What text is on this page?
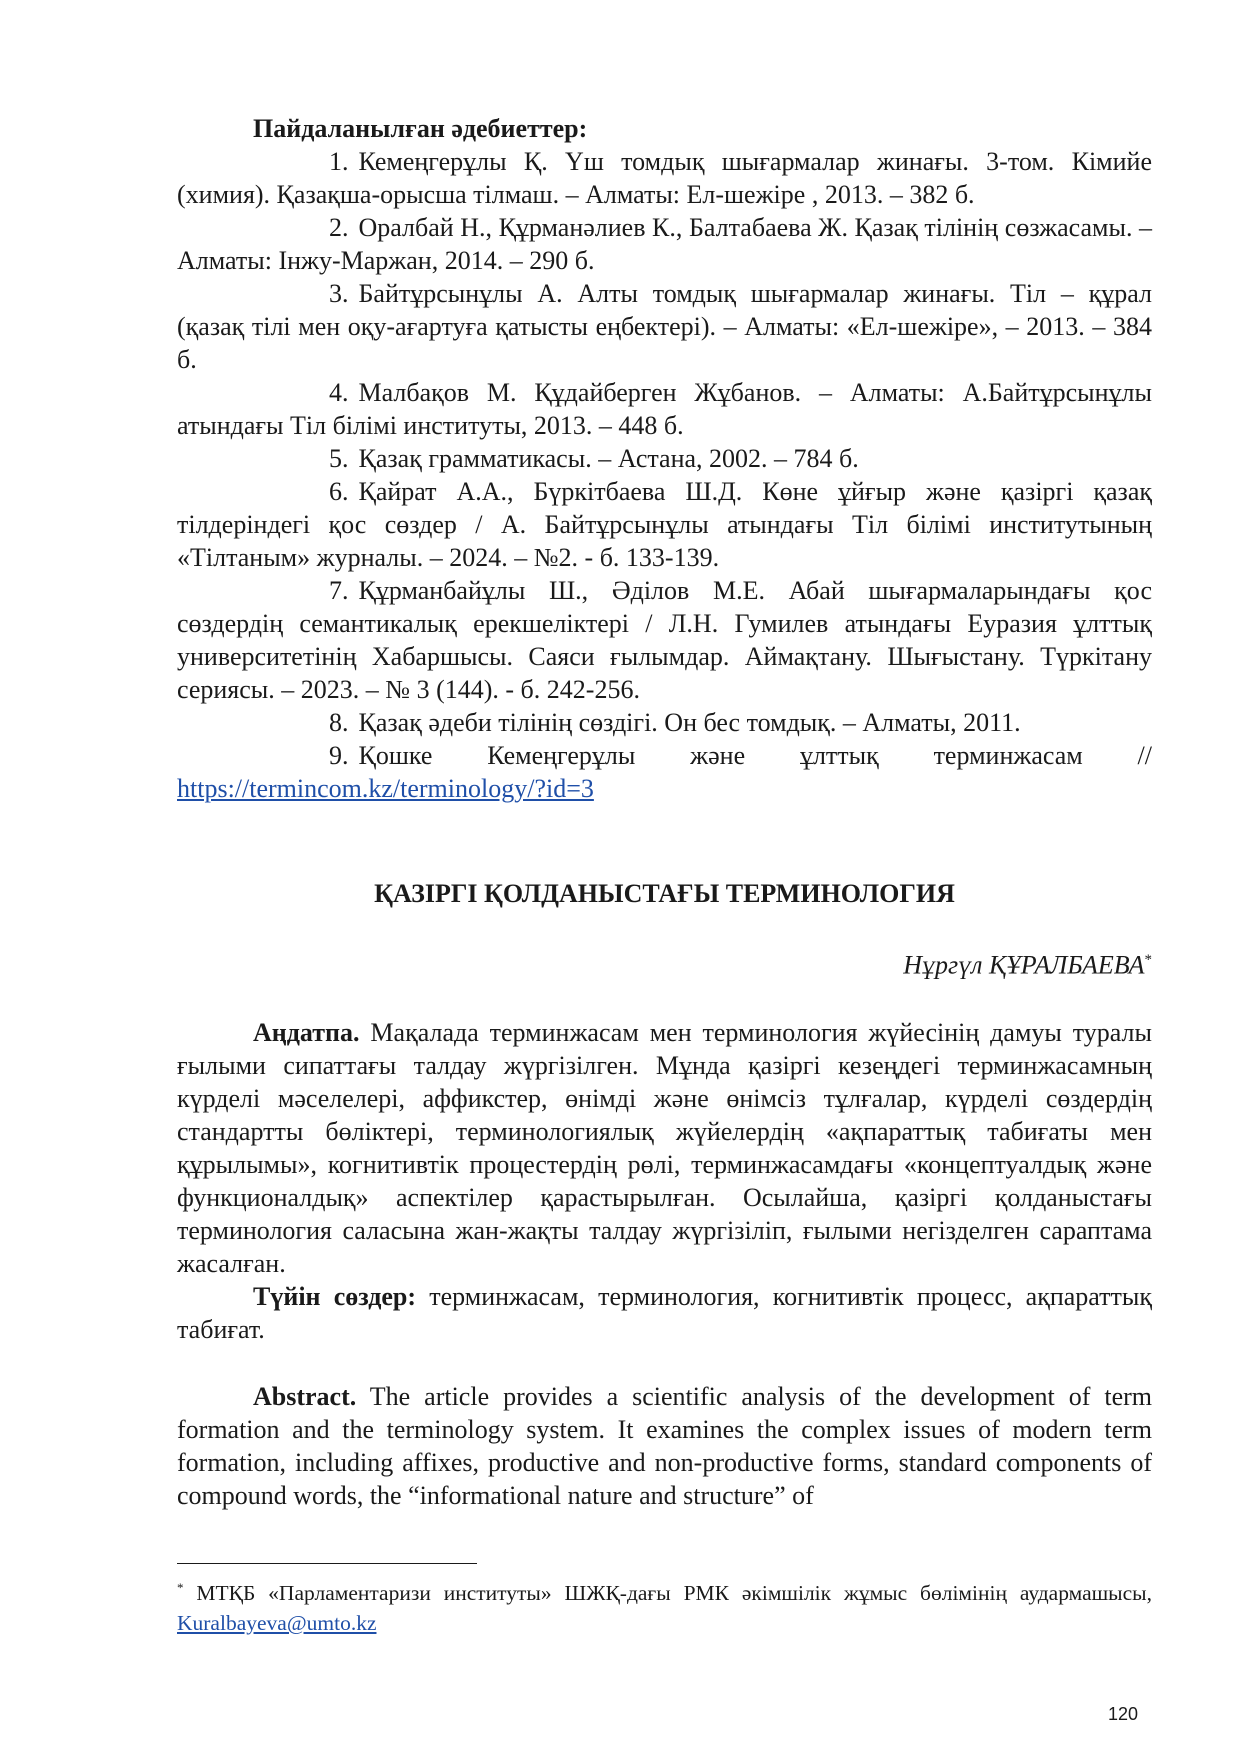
Пайдаланылған әдебиеттер:

1. Кемеңгерұлы Қ. Үш томдық шығармалар жинағы. 3-том. Кімийе (химия). Қазақша-орысша тілмаш. – Алматы: Ел-шежіре , 2013. – 382 б.

2. Оралбай Н., Құрманәлиев К., Балтабаева Ж. Қазақ тілінің сөзжасамы. – Алматы: Інжу-Маржан, 2014. – 290 б.

3. Байтұрсынұлы А. Алты томдық шығармалар жинағы. Тіл – құрал (қазақ тілі мен оқу-ағартуға қатысты еңбектері). – Алматы: «Ел-шежіре», – 2013. – 384 б.

4. Малбақов М. Құдайберген Жұбанов. – Алматы: А.Байтұрсынұлы атындағы Тіл білімі институты, 2013. – 448 б.

5. Қазақ грамматикасы. – Астана, 2002. – 784 б.

6. Қайрат А.А., Бүркітбаева Ш.Д. Көне ұйғыр және қазіргі қазақ тілдеріндегі қос сөздер / А. Байтұрсынұлы атындағы Тіл білімі институтының «Тілтаным» журналы. – 2024. – №2. - б. 133-139.

7. Құрманбайұлы Ш., Әділов М.Е. Абай шығармаларындағы қос сөздердің семантикалық ерекшеліктері / Л.Н. Гумилев атындағы Еуразия ұлттық университетінің Хабаршысы. Саяси ғылымдар. Аймақтану. Шығыстану. Түркітану сериясы. – 2023. – № 3 (144). - б. 242-256.

8. Қазақ әдеби тілінің сөздігі. Он бес томдық. – Алматы, 2011.

9. Қошке Кемеңгерұлы және ұлттық терминжасам //

https://termincom.kz/terminology/?id=3

ҚАЗІРГІ ҚОЛДАНЫСТАҒЫ ТЕРМИНОЛОГИЯ

Нұргүл ҚҰРАЛБАЕВА*

Аңдатпа. Мақалада терминжасам мен терминология жүйесінің дамуы туралы ғылыми сипаттағы талдау жүргізілген. Мұнда қазіргі кезеңдегі терминжасамның күрделі мәселелері, аффикстер, өнімді және өнімсіз тұлғалар, күрделі сөздердің стандартты бөліктері, терминологиялық жүйелердің «ақпараттық табиғаты мен құрылымы», когнитивтік процестердің рөлі, терминжасамдағы «концептуалдық және функционалдық» аспектілер қарастырылған. Осылайша, қазіргі қолданыстағы терминология саласына жан-жақты талдау жүргізіліп, ғылыми негізделген сараптама жасалған.

Түйін сөздер: терминжасам, терминология, когнитивтік процесс, ақпараттық табиғат.

Abstract. The article provides a scientific analysis of the development of term formation and the terminology system. It examines the complex issues of modern term formation, including affixes, productive and non-productive forms, standard components of compound words, the “informational nature and structure” of

* МТҚБ «Парламентаризи институты» ШЖҚ-дағы РМК әкімшілік жұмыс бөлімінің аудармашысы, Kuralbayeva@umto.kz

120
